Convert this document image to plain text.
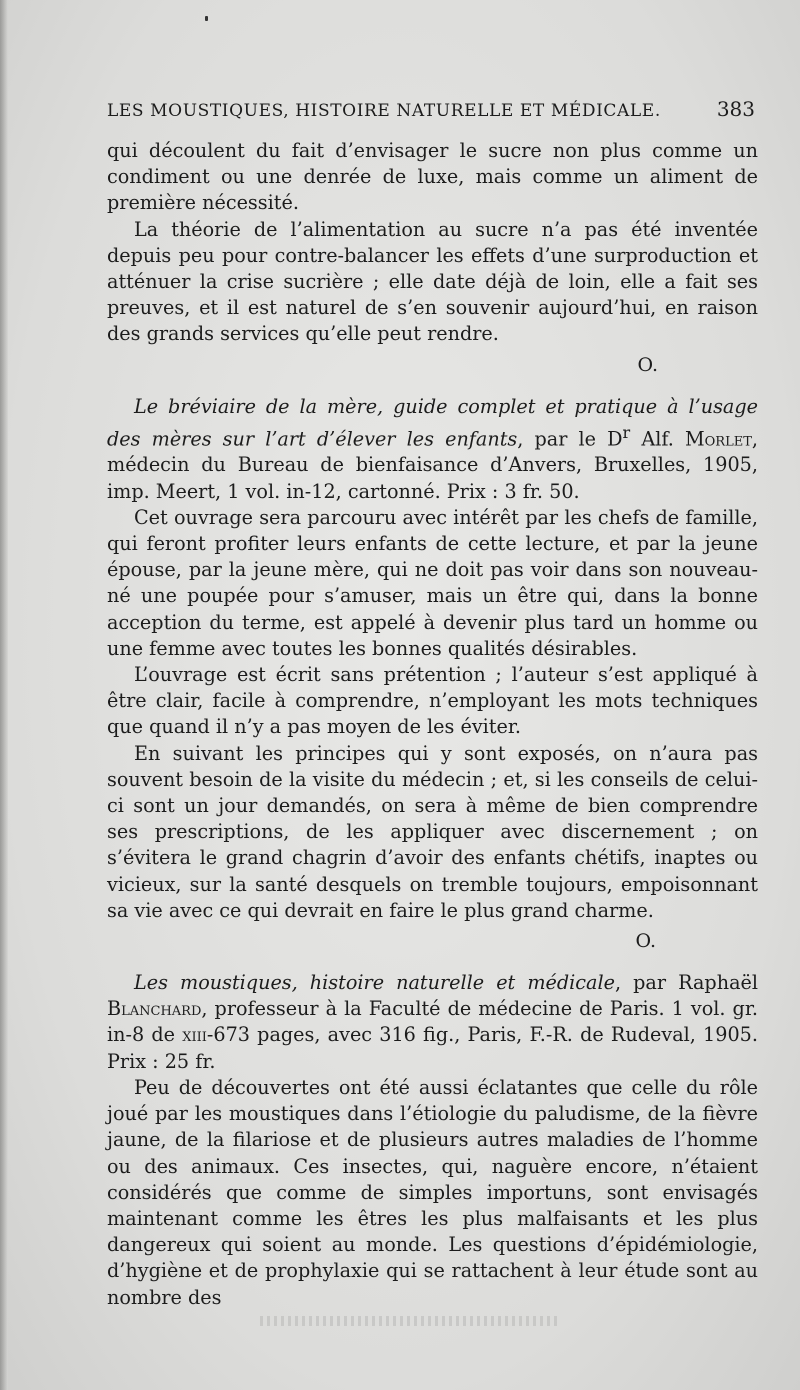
LES MOUSTIQUES, HISTOIRE NATURELLE ET MÉDICALE.	383

qui découlent du fait d’envisager le sucre non plus comme un condiment ou une denrée de luxe, mais comme un aliment de première nécessité.

La théorie de l’alimentation au sucre n’a pas été inventée depuis peu pour contre-balancer les effets d’une surproduction et atténuer la crise sucrière ; elle date déjà de loin, elle a fait ses preuves, et il est naturel de s’en souvenir aujourd’hui, en raison des grands services qu’elle peut rendre.

O.

Le bréviaire de la mère, guide complet et pratique à l’usage des mères sur l’art d’élever les enfants, par le $D^r$ Alf. Morlet, médecin du Bureau de bienfaisance d’Anvers, Bruxelles, 1905, imp. Meert, 1 vol. in-12, cartonné. Prix : 3 fr. 50.

Cet ouvrage sera parcouru avec intérêt par les chefs de famille, qui feront profiter leurs enfants de cette lecture, et par la jeune épouse, par la jeune mère, qui ne doit pas voir dans son nouveau-né une poupée pour s’amuser, mais un être qui, dans la bonne acception du terme, est appelé à devenir plus tard un homme ou une femme avec toutes les bonnes qualités désirables.

L’ouvrage est écrit sans prétention ; l’auteur s’est appliqué à être clair, facile à comprendre, n’employant les mots techniques que quand il n’y a pas moyen de les éviter.

En suivant les principes qui y sont exposés, on n’aura pas souvent besoin de la visite du médecin ; et, si les conseils de celui-ci sont un jour demandés, on sera à même de bien comprendre ses prescriptions, de les appliquer avec discernement ; on s’évitera le grand chagrin d’avoir des enfants chétifs, inaptes ou vicieux, sur la santé desquels on tremble toujours, empoisonnant sa vie avec ce qui devrait en faire le plus grand charme.

O.

Les moustiques, histoire naturelle et médicale, par Raphaël Blanchard, professeur à la Faculté de médecine de Paris. 1 vol. gr. in-8 de xiii-673 pages, avec 316 fig., Paris, F.-R. de Rudeval, 1905. Prix : 25 fr.

Peu de découvertes ont été aussi éclatantes que celle du rôle joué par les moustiques dans l’étiologie du paludisme, de la fièvre jaune, de la filariose et de plusieurs autres maladies de l’homme ou des animaux. Ces insectes, qui, naguère encore, n’étaient considérés que comme de simples importuns, sont envisagés maintenant comme les êtres les plus malfaisants et les plus dangereux qui soient au monde. Les questions d’épidémiologie, d’hygiène et de prophylaxie qui se rattachent à leur étude sont au nombre des
